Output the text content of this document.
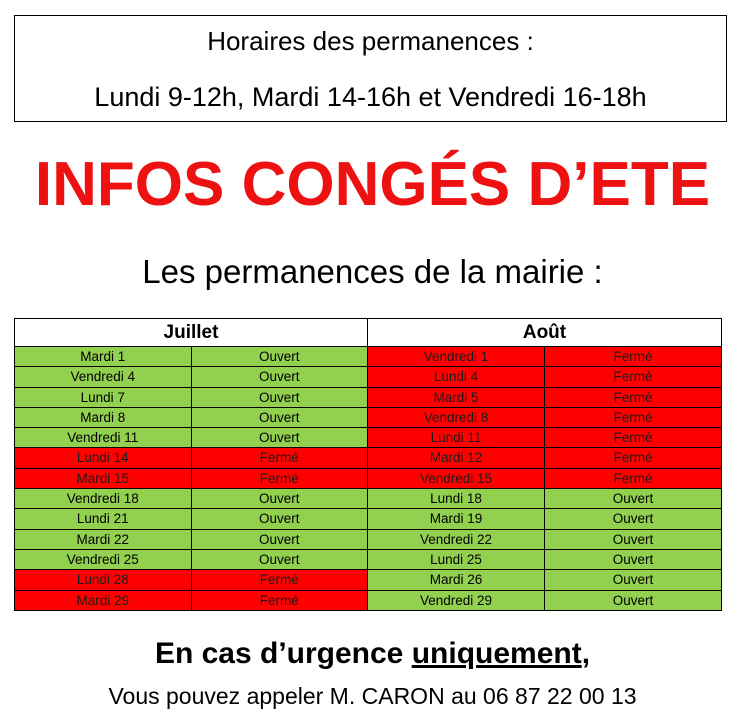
Horaires des permanences :
Lundi 9-12h, Mardi 14-16h et Vendredi 16-18h
INFOS CONGÉS D’ETE
Les permanences de la mairie :
Juillet
Mardi 1	Ouvert
Vendredi 4	Ouvert
Lundi 7	Ouvert
Mardi 8	Ouvert
Vendredi 11	Ouvert
Lundi 14	Fermé
Mardi 15	Fermé
Vendredi 18	Ouvert
Lundi 21	Ouvert
Mardi 22	Ouvert
Vendredi 25	Ouvert
Lundi 28	Fermé
Mardi 29	Fermé
Août
Vendredi 1	Fermé
Lundi 4	Fermé
Mardi 5	Fermé
Vendredi 8	Fermé
Lundi 11	Fermé
Mardi 12	Fermé
Vendredi 15	Fermé
Lundi 18	Ouvert
Mardi 19	Ouvert
Vendredi 22	Ouvert
Lundi 25	Ouvert
Mardi 26	Ouvert
Vendredi 29	Ouvert
En cas d’urgence uniquement,
Vous pouvez appeler M. CARON au 06 87 22 00 13
